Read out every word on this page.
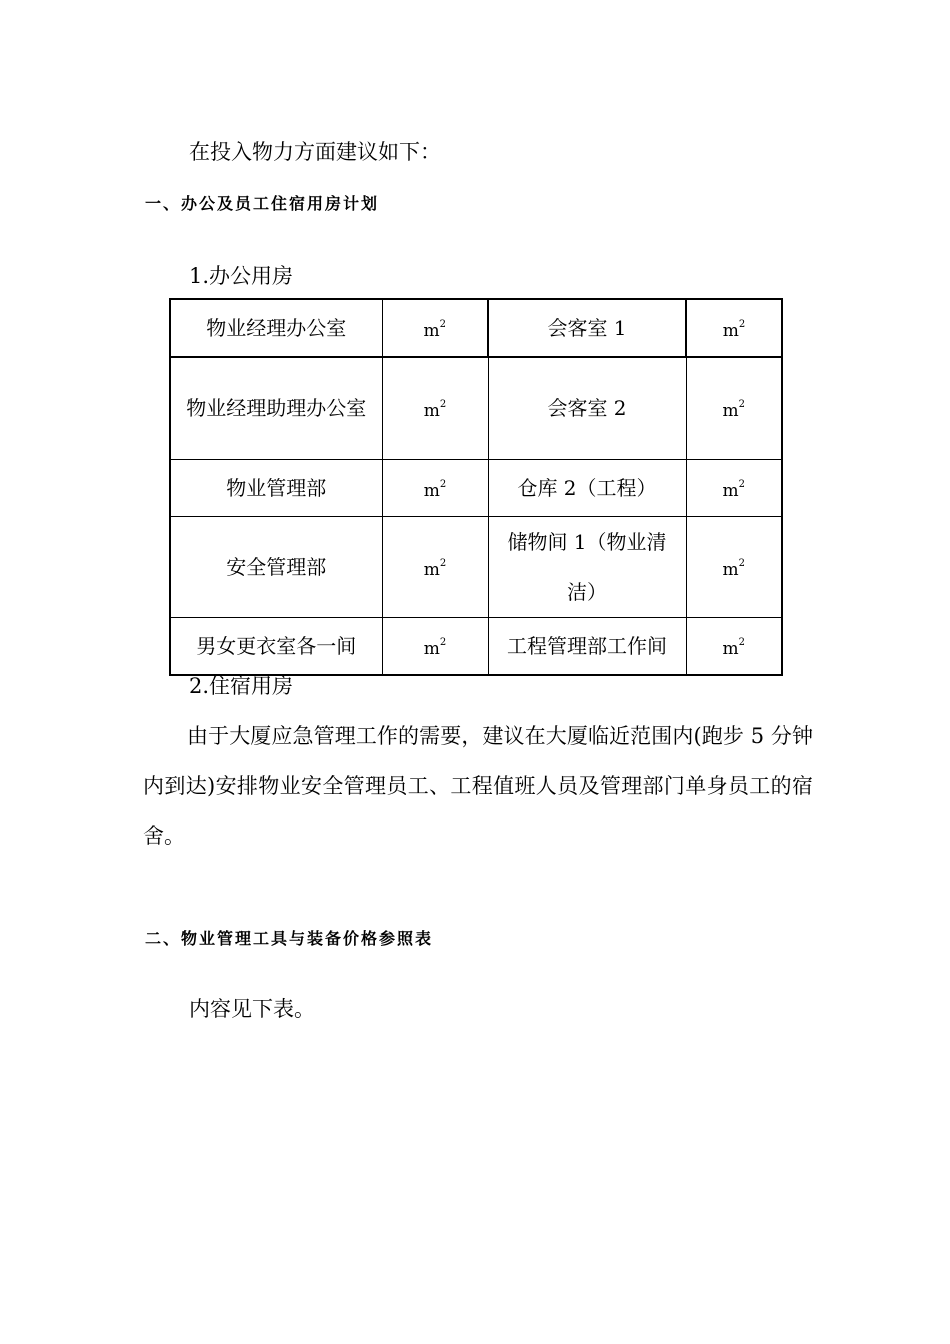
在投入物力方面建议如下：
一、办公及员工住宿用房计划
1.办公用房
物业经理办公室	$m^2$	会客室 1	$m^2$
物业经理助理办公室	$m^2$	会客室 2	$m^2$
物业管理部	$m^2$	仓库 2（工程）	$m^2$
安全管理部	$m^2$	储物间 1（物业清洁）	$m^2$
男女更衣室各一间	$m^2$	工程管理部工作间	$m^2$
2.住宿用房
由于大厦应急管理工作的需要，建议在大厦临近范围内(跑步 5 分钟内到达)安排物业安全管理员工、工程值班人员及管理部门单身员工的宿舍。
二、物业管理工具与装备价格参照表
内容见下表。
